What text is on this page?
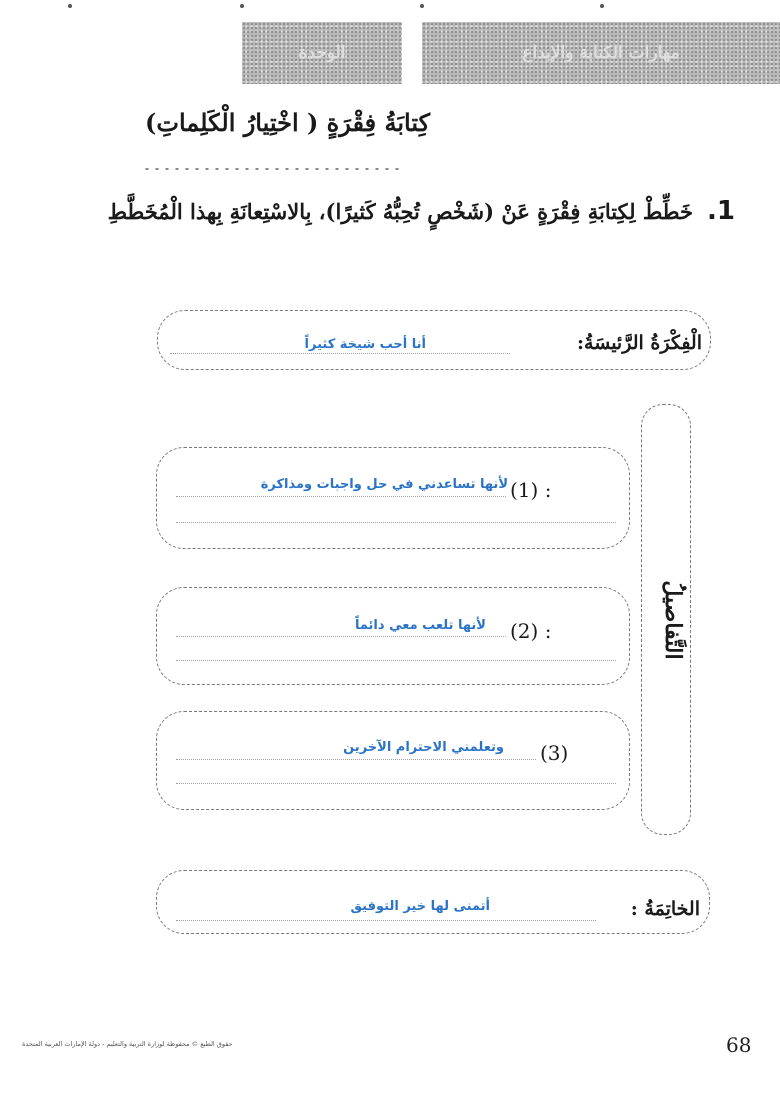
الوحدة	مهارات الكتابة والإبداع
كِتابَةُ فِقْرَةٍ ( اخْتِيارُ الْكَلِماتِ)
1.
خَطِّطْ لِكِتابَةِ فِقْرَةٍ عَنْ (شَخْصٍ تُحِبُّهُ كَثيرًا)، بِالاسْتِعانَةِ بِهذا الْمُخَطَّطِ
الْفِكْرَةُ الرَّئيسَةُ:
أنا أحب شيخة كثيراً
التَّفاصيلُ
(1) :
لأنها تساعدني في حل واجبات ومذاكرة
(2) :
لأنها تلعب معي دائماً
(3)
وتعلمني الاحترام الآخرين
الخاتِمَةُ :
أتمنى لها خير التوفيق
حقوق الطبع © محفوظة لوزارة التربية والتعليم - دولة الإمارات العربية المتحدة	68
